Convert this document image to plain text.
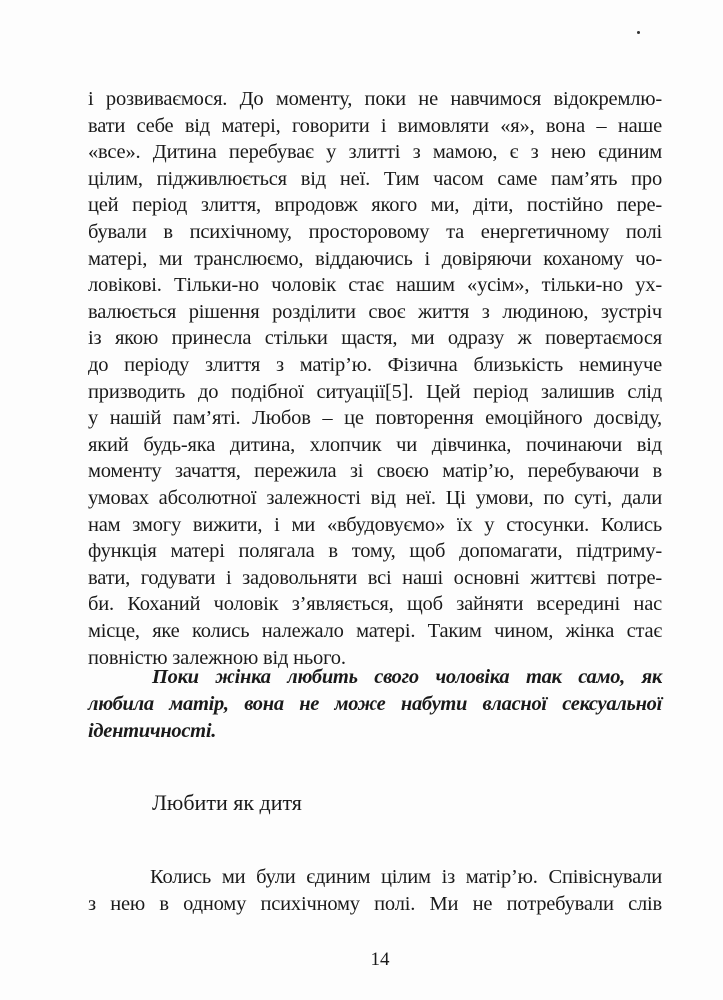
і розвиваємося. До моменту, поки не навчимося відокремлю-
вати себе від матері, говорити і вимовляти «я», вона – наше
«все». Дитина перебуває у злитті з мамою, є з нею єдиним
цілим, підживлюється від неї. Тим часом саме пам’ять про
цей період злиття, впродовж якого ми, діти, постійно пере-
бували в психічному, просторовому та енергетичному полі
матері, ми транслюємо, віддаючись і довіряючи коханому чо-
ловікові. Тільки-но чоловік стає нашим «усім», тільки-но ух-
валюється рішення розділити своє життя з людиною, зустріч
із якою принесла стільки щастя, ми одразу ж повертаємося
до періоду злиття з матір’ю. Фізична близькість неминуче
призводить до подібної ситуації[5]. Цей період залишив слід
у нашій пам’яті. Любов – це повторення емоційного досвіду,
який будь-яка дитина, хлопчик чи дівчинка, починаючи від
моменту зачаття, пережила зі своєю матір’ю, перебуваючи в
умовах абсолютної залежності від неї. Ці умови, по суті, дали
нам змогу вижити, і ми «вбудовуємо» їх у стосунки. Колись
функція матері полягала в тому, щоб допомагати, підтриму-
вати, годувати і задовольняти всі наші основні життєві потре-
би. Коханий чоловік з’являється, щоб зайняти всередині нас
місце, яке колись належало матері. Таким чином, жінка стає
повністю залежною від нього.
Поки жінка любить свого чоловіка так само, як
любила матір, вона не може набути власної сексуальної
ідентичності.
Любити як дитя
Колись ми були єдиним цілим із матір’ю. Співіснували
з нею в одному психічному полі. Ми не потребували слів
14
